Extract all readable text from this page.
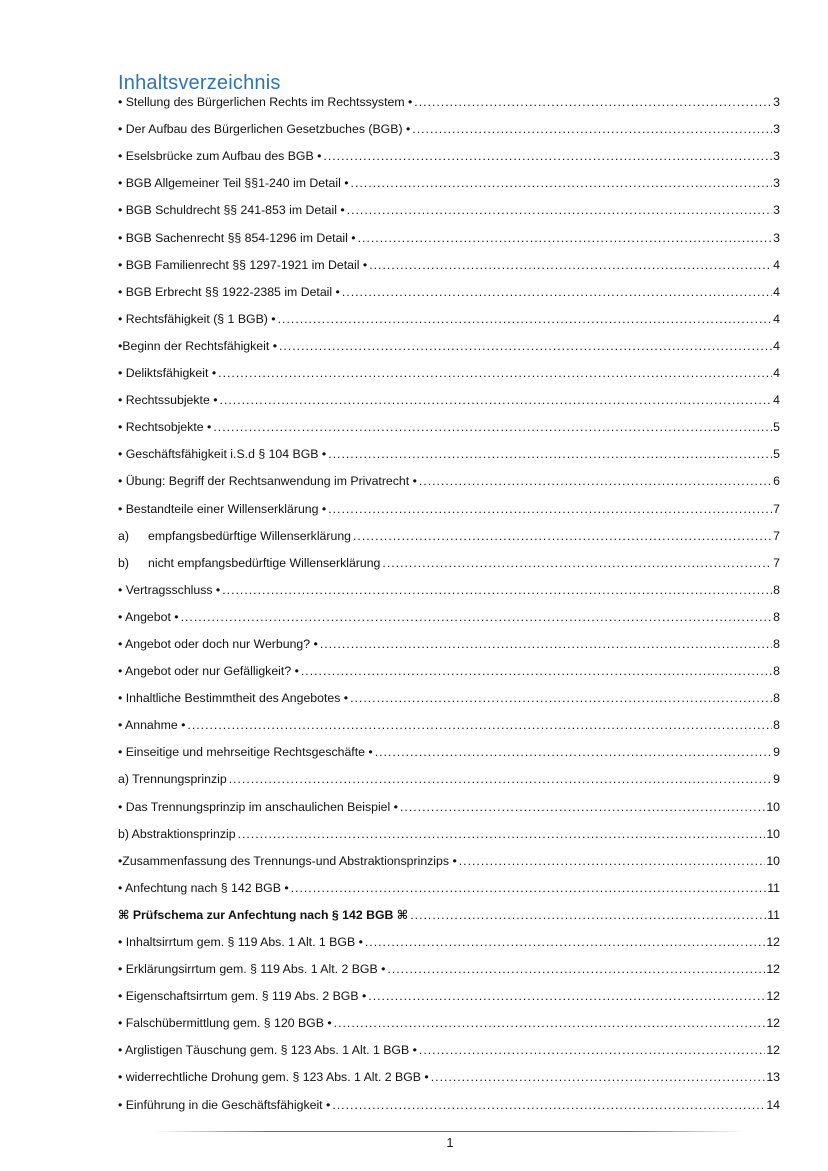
Inhaltsverzeichnis
• Stellung des Bürgerlichen Rechts im Rechtssystem • .....	3
• Der Aufbau des Bürgerlichen Gesetzbuches (BGB) • .....	3
• Eselsbrücke zum Aufbau des BGB • .....	3
• BGB Allgemeiner Teil §§1-240 im Detail • .....	3
• BGB Schuldrecht §§ 241-853 im Detail • .....	3
• BGB Sachenrecht §§ 854-1296 im Detail • .....	3
• BGB Familienrecht §§ 1297-1921 im Detail • .....	4
• BGB Erbrecht §§ 1922-2385 im Detail • .....	4
• Rechtsfähigkeit (§ 1 BGB) • .....	4
•Beginn der Rechtsfähigkeit • .....	4
• Deliktsfähigkeit • .....	4
• Rechtssubjekte • .....	4
• Rechtsobjekte • .....	5
• Geschäftsfähigkeit i.S.d § 104 BGB • .....	5
• Übung: Begriff der Rechtsanwendung im Privatrecht • .....	6
• Bestandteile einer Willenserklärung • .....	7
a) empfangsbedürftige Willenserklärung .....	7
b) nicht empfangsbedürftige Willenserklärung .....	7
• Vertragsschluss • .....	8
• Angebot • .....	8
• Angebot oder doch nur Werbung? • .....	8
• Angebot oder nur Gefälligkeit? • .....	8
• Inhaltliche Bestimmtheit des Angebotes • .....	8
• Annahme • .....	8
• Einseitige und mehrseitige Rechtsgeschäfte • .....	9
a) Trennungsprinzip .....	9
• Das Trennungsprinzip im anschaulichen Beispiel • .....	10
b) Abstraktionsprinzip .....	10
•Zusammenfassung des Trennungs-und Abstraktionsprinzips • .....	10
• Anfechtung nach § 142 BGB • .....	11
⌘ Prüfschema zur Anfechtung nach § 142 BGB ⌘ .....	11
• Inhaltsirrtum gem. § 119 Abs. 1 Alt. 1 BGB • .....	12
• Erklärungsirrtum gem. § 119 Abs. 1 Alt. 2 BGB • .....	12
• Eigenschaftsirrtum gem. § 119 Abs. 2 BGB • .....	12
• Falschübermittlung gem. § 120 BGB • .....	12
• Arglistigen Täuschung gem. § 123 Abs. 1 Alt. 1 BGB • .....	12
• widerrechtliche Drohung gem. § 123 Abs. 1 Alt. 2 BGB • .....	13
• Einführung in die Geschäftsfähigkeit • .....	14
1
